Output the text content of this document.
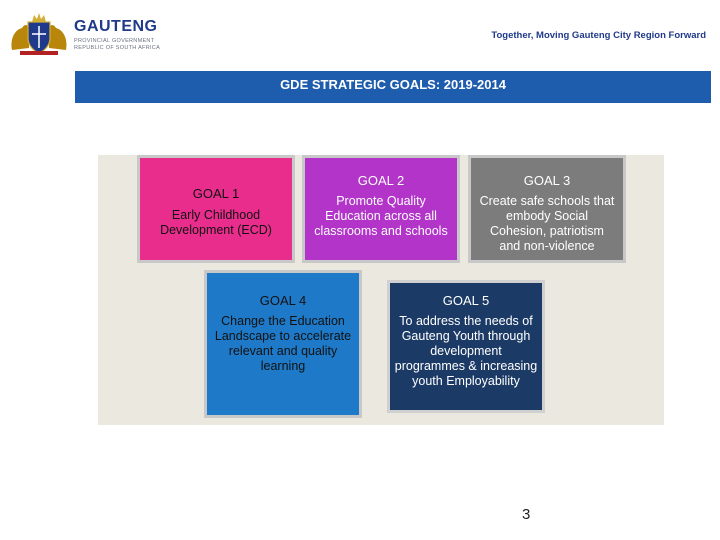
GAUTENG
PROVINCIAL GOVERNMENT
REPUBLIC OF SOUTH AFRICA
Together, Moving Gauteng City Region Forward
GDE STRATEGIC GOALS: 2019-2014
GOAL 1
Early Childhood Development (ECD)
GOAL 2
Promote Quality Education across all classrooms and schools
GOAL 3
Create safe schools that embody Social Cohesion, patriotism and non-violence
GOAL 4
Change the Education Landscape to accelerate relevant and quality learning
GOAL 5
To address the needs of Gauteng Youth through development programmes & increasing youth Employability
3
